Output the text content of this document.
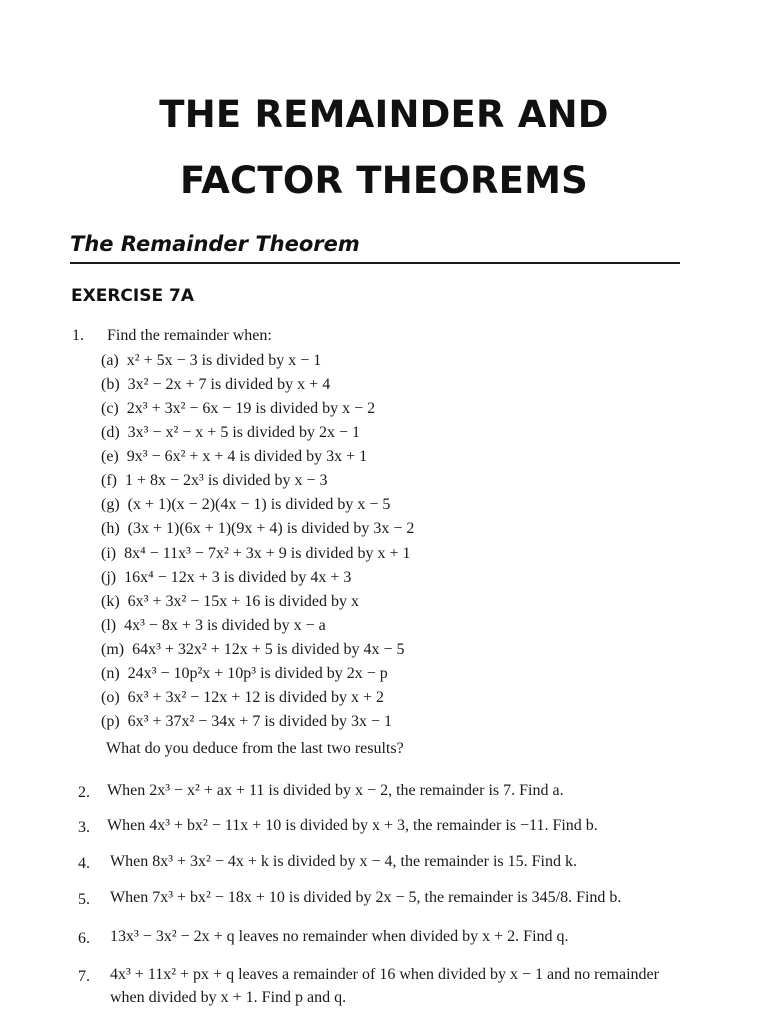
THE REMAINDER AND
FACTOR THEOREMS
The Remainder Theorem
EXERCISE 7A
1. Find the remainder when:
(a) x² + 5x − 3 is divided by x − 1
(b) 3x² − 2x + 7 is divided by x + 4
(c) 2x³ + 3x² − 6x − 19 is divided by x − 2
(d) 3x³ − x² − x + 5 is divided by 2x − 1
(e) 9x³ − 6x² + x + 4 is divided by 3x + 1
(f) 1 + 8x − 2x³ is divided by x − 3
(g) (x + 1)(x − 2)(4x − 1) is divided by x − 5
(h) (3x + 1)(6x + 1)(9x + 4) is divided by 3x − 2
(i) 8x⁴ − 11x³ − 7x² + 3x + 9 is divided by x + 1
(j) 16x⁴ − 12x + 3 is divided by 4x + 3
(k) 6x³ + 3x² − 15x + 16 is divided by x
(l) 4x³ − 8x + 3 is divided by x − a
(m) 64x³ + 32x² + 12x + 5 is divided by 4x − 5
(n) 24x³ − 10p²x + 10p³ is divided by 2x − p
(o) 6x³ + 3x² − 12x + 12 is divided by x + 2
(p) 6x³ + 37x² − 34x + 7 is divided by 3x − 1
What do you deduce from the last two results?
2. When 2x³ − x² + ax + 11 is divided by x − 2, the remainder is 7. Find a.
3. When 4x³ + bx² − 11x + 10 is divided by x + 3, the remainder is −11. Find b.
4. When 8x³ + 3x² − 4x + k is divided by x − 4, the remainder is 15. Find k.
5. When 7x³ + bx² − 18x + 10 is divided by 2x − 5, the remainder is 345/8. Find b.
6. 13x³ − 3x² − 2x + q leaves no remainder when divided by x + 2. Find q.
7. 4x³ + 11x² + px + q leaves a remainder of 16 when divided by x − 1 and no remainder
when divided by x + 1. Find p and q.
